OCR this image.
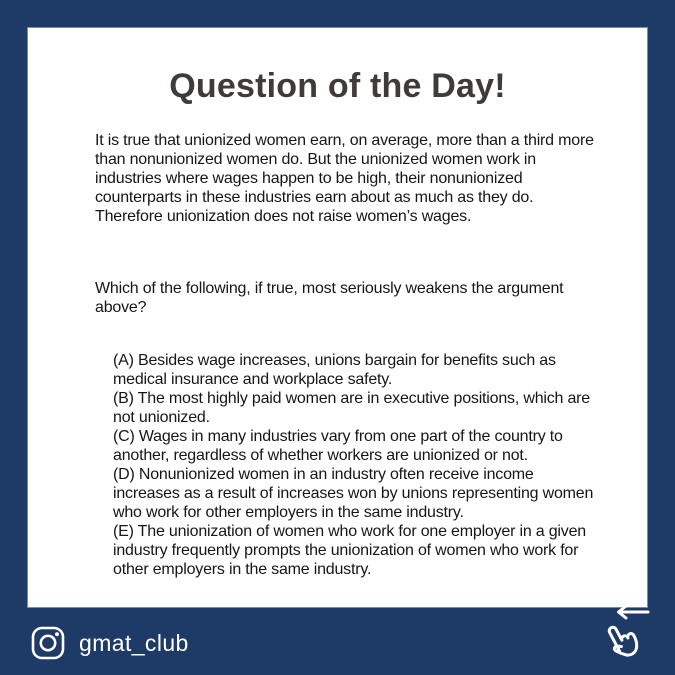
Question of the Day!
It is true that unionized women earn, on average, more than a third more than nonunionized women do. But the unionized women work in industries where wages happen to be high, their nonunionized counterparts in these industries earn about as much as they do. Therefore unionization does not raise women’s wages.
Which of the following, if true, most seriously weakens the argument above?
(A) Besides wage increases, unions bargain for benefits such as medical insurance and workplace safety.
(B) The most highly paid women are in executive positions, which are not unionized.
(C) Wages in many industries vary from one part of the country to another, regardless of whether workers are unionized or not.
(D) Nonunionized women in an industry often receive income increases as a result of increases won by unions representing women who work for other employers in the same industry.
(E) The unionization of women who work for one employer in a given industry frequently prompts the unionization of women who work for other employers in the same industry.
gmat_club
